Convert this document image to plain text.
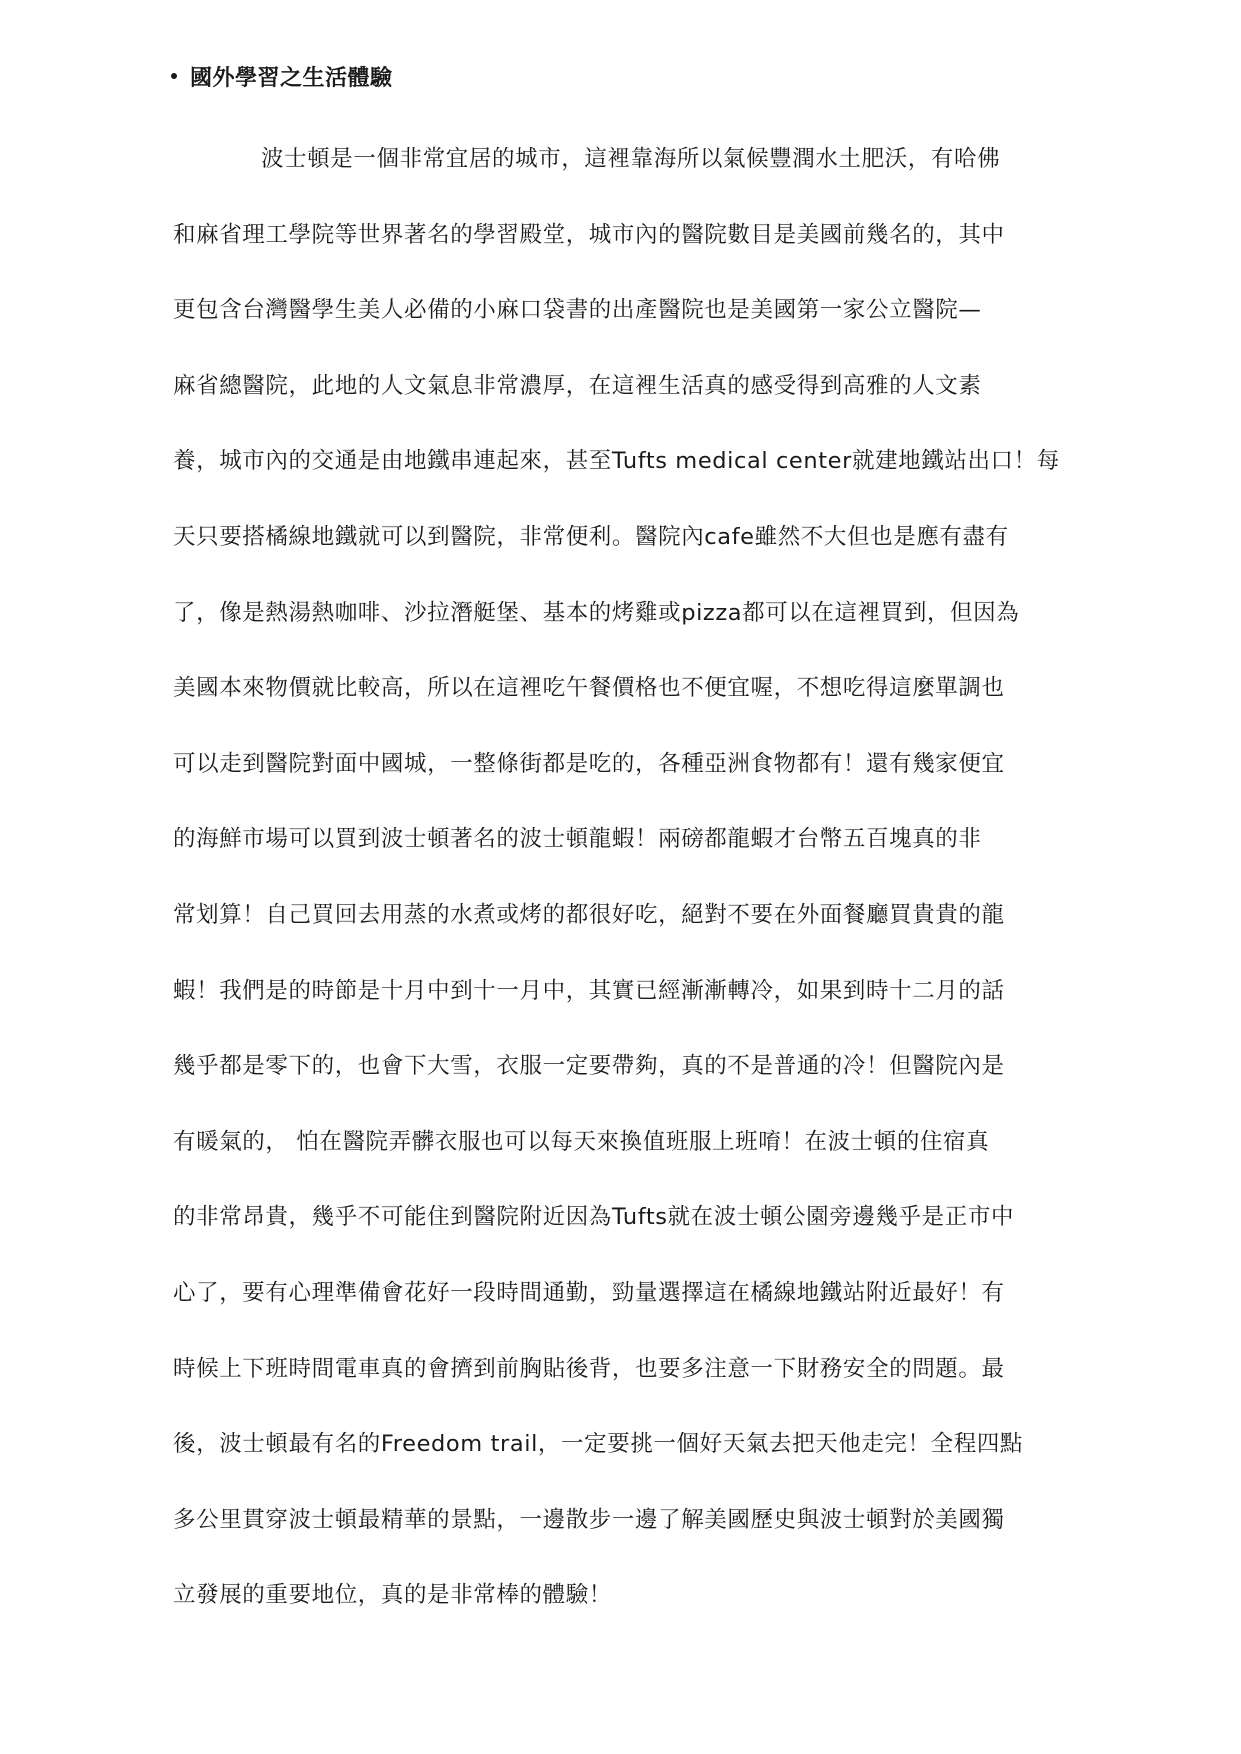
國外學習之生活體驗
波士頓是一個非常宜居的城市，這裡靠海所以氣候豐潤水土肥沃，有哈佛
和麻省理工學院等世界著名的學習殿堂，城市內的醫院數目是美國前幾名的，其中
更包含台灣醫學生美人必備的小麻口袋書的出產醫院也是美國第一家公立醫院—
麻省總醫院，此地的人文氣息非常濃厚，在這裡生活真的感受得到高雅的人文素
養，城市內的交通是由地鐵串連起來，甚至Tufts medical center就建地鐵站出口！每
天只要搭橘線地鐵就可以到醫院，非常便利。醫院內cafe雖然不大但也是應有盡有
了，像是熱湯熱咖啡、沙拉潛艇堡、基本的烤雞或pizza都可以在這裡買到，但因為
美國本來物價就比較高，所以在這裡吃午餐價格也不便宜喔，不想吃得這麼單調也
可以走到醫院對面中國城，一整條街都是吃的，各種亞洲食物都有！還有幾家便宜
的海鮮市場可以買到波士頓著名的波士頓龍蝦！兩磅都龍蝦才台幣五百塊真的非
常划算！自己買回去用蒸的水煮或烤的都很好吃，絕對不要在外面餐廳買貴貴的龍
蝦！我們是的時節是十月中到十一月中，其實已經漸漸轉冷，如果到時十二月的話
幾乎都是零下的，也會下大雪，衣服一定要帶夠，真的不是普通的冷！但醫院內是
有暖氣的， 怕在醫院弄髒衣服也可以每天來換值班服上班唷！在波士頓的住宿真
的非常昂貴，幾乎不可能住到醫院附近因為Tufts就在波士頓公園旁邊幾乎是正市中
心了，要有心理準備會花好一段時間通勤，勁量選擇這在橘線地鐵站附近最好！有
時候上下班時間電車真的會擠到前胸貼後背，也要多注意一下財務安全的問題。最
後，波士頓最有名的Freedom trail，一定要挑一個好天氣去把天他走完！全程四點
多公里貫穿波士頓最精華的景點，一邊散步一邊了解美國歷史與波士頓對於美國獨
立發展的重要地位，真的是非常棒的體驗！
